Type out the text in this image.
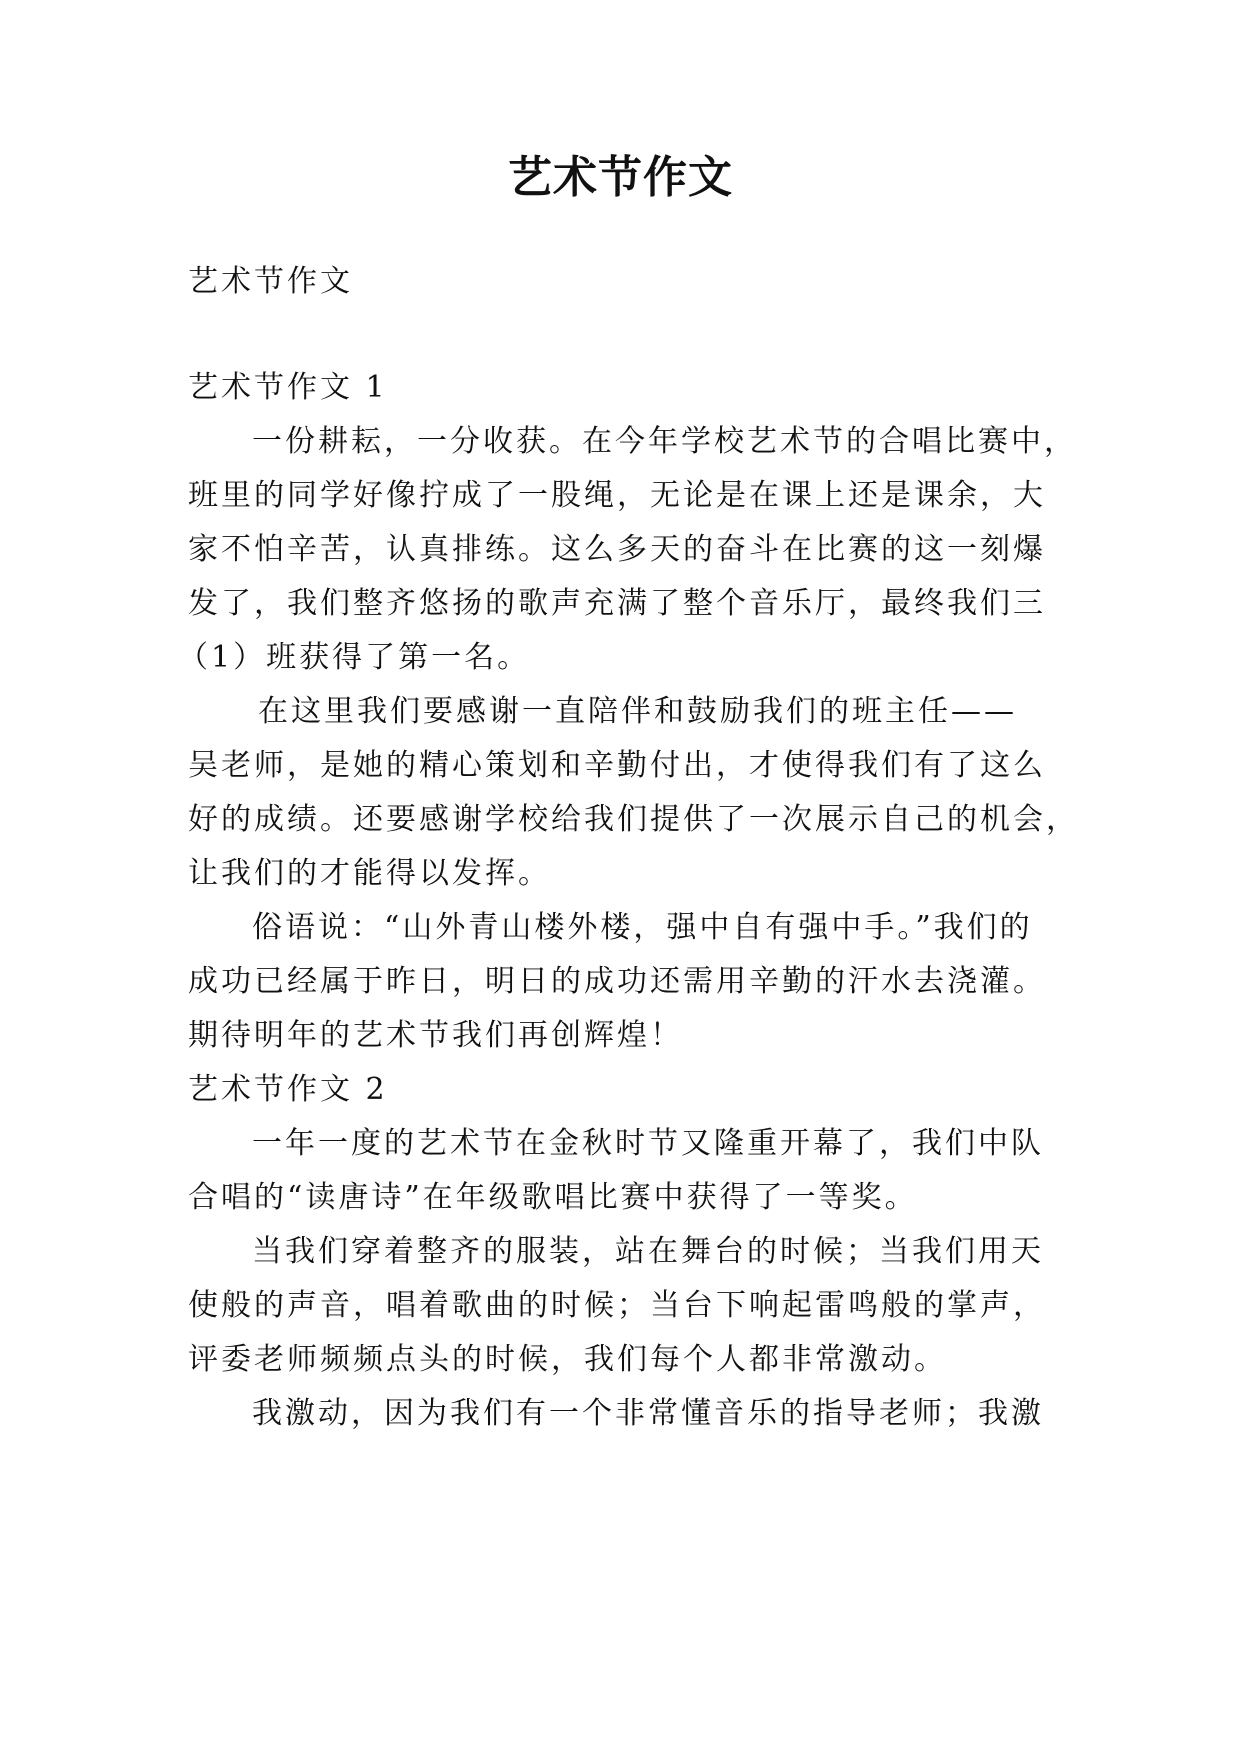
艺术节作文
艺术节作文
艺术节作文 1
一份耕耘，一分收获。在今年学校艺术节的合唱比赛中，
班里的同学好像拧成了一股绳，无论是在课上还是课余，大
家不怕辛苦，认真排练。这么多天的奋斗在比赛的这一刻爆
发了，我们整齐悠扬的歌声充满了整个音乐厅，最终我们三
（1）班获得了第一名。
在这里我们要感谢一直陪伴和鼓励我们的班主任——
吴老师，是她的精心策划和辛勤付出，才使得我们有了这么
好的成绩。还要感谢学校给我们提供了一次展示自己的机会，
让我们的才能得以发挥。
俗语说：“山外青山楼外楼，强中自有强中手。”我们的
成功已经属于昨日，明日的成功还需用辛勤的汗水去浇灌。
期待明年的艺术节我们再创辉煌！
艺术节作文 2
一年一度的艺术节在金秋时节又隆重开幕了，我们中队
合唱的“读唐诗”在年级歌唱比赛中获得了一等奖。
当我们穿着整齐的服装，站在舞台的时候；当我们用天
使般的声音，唱着歌曲的时候；当台下响起雷鸣般的掌声，
评委老师频频点头的时候，我们每个人都非常激动。
我激动，因为我们有一个非常懂音乐的指导老师；我激
